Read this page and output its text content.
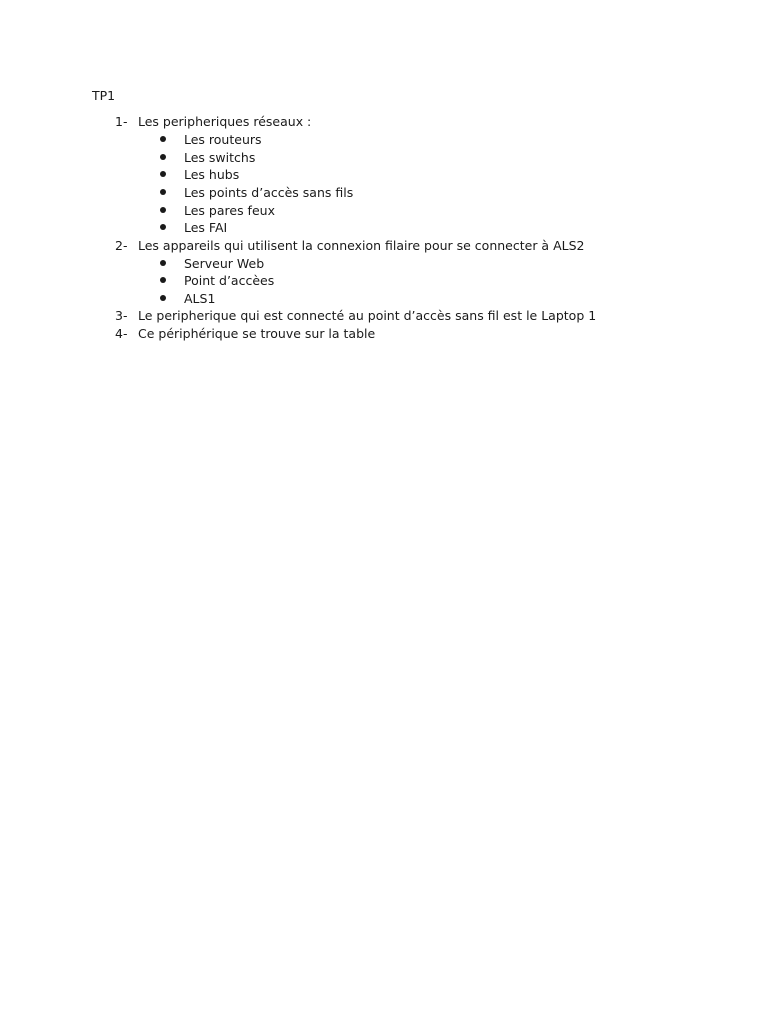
TP1
1- Les peripheriques réseaux :
Les routeurs
Les switchs
Les hubs
Les points d’accès sans fils
Les pares feux
Les FAI
2- Les appareils qui utilisent la connexion filaire pour se connecter à ALS2
Serveur Web
Point d’accèes
ALS1
3- Le peripherique qui est connecté au point d’accès sans fil est le Laptop 1
4- Ce périphérique se trouve sur la table
